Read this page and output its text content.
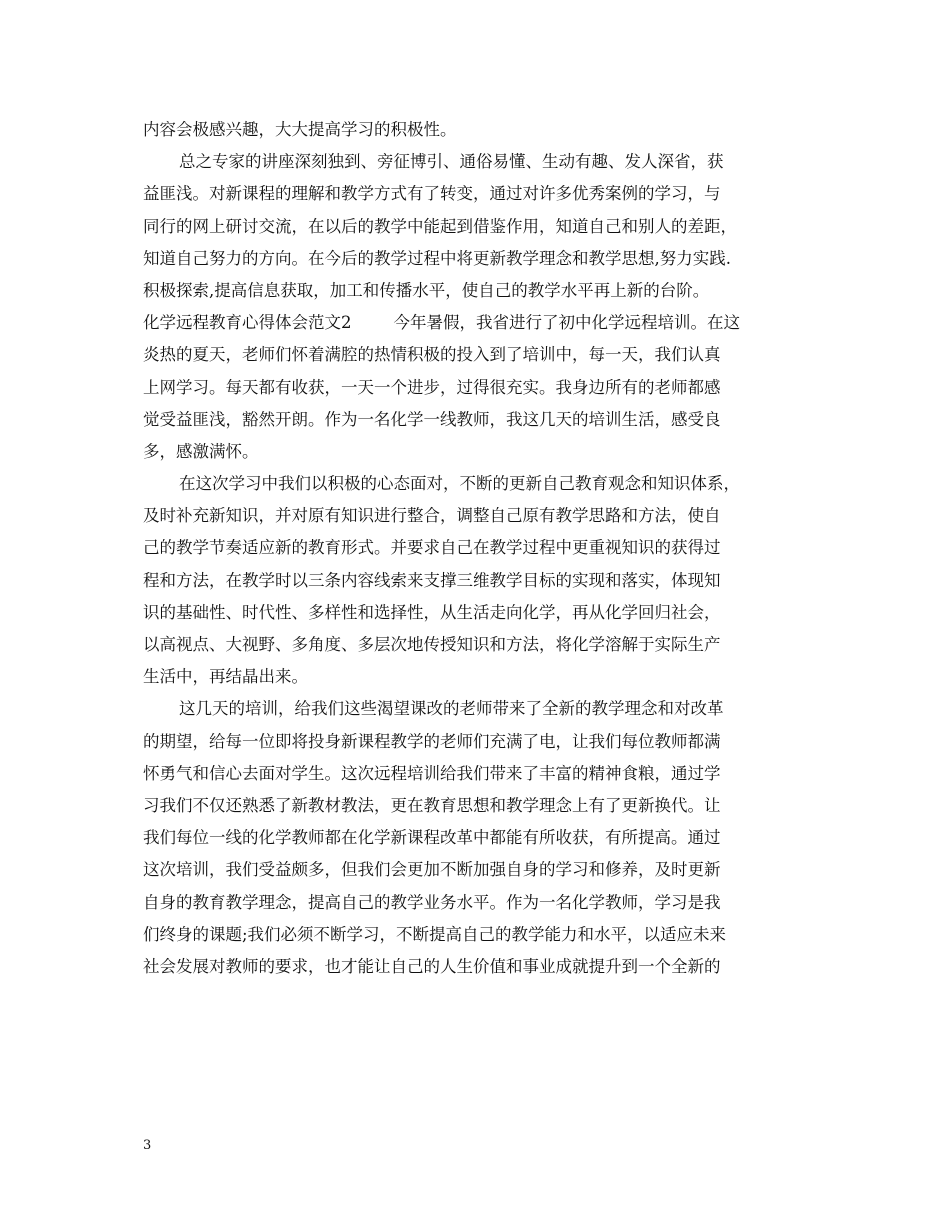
内容会极感兴趣，大大提高学习的积极性。
总之专家的讲座深刻独到、旁征博引、通俗易懂、生动有趣、发人深省，获
益匪浅。对新课程的理解和教学方式有了转变，通过对许多优秀案例的学习，与
同行的网上研讨交流，在以后的教学中能起到借鉴作用，知道自己和别人的差距，
知道自己努力的方向。在今后的教学过程中将更新教学理念和教学思想,努力实践.
积极探索,提高信息获取，加工和传播水平，使自己的教学水平再上新的台阶。
化学远程教育心得体会范文2	今年暑假，我省进行了初中化学远程培训。在这
炎热的夏天，老师们怀着满腔的热情积极的投入到了培训中，每一天，我们认真
上网学习。每天都有收获，一天一个进步，过得很充实。我身边所有的老师都感
觉受益匪浅，豁然开朗。作为一名化学一线教师，我这几天的培训生活，感受良
多，感激满怀。
在这次学习中我们以积极的心态面对，不断的更新自己教育观念和知识体系，
及时补充新知识，并对原有知识进行整合，调整自己原有教学思路和方法，使自
己的教学节奏适应新的教育形式。并要求自己在教学过程中更重视知识的获得过
程和方法，在教学时以三条内容线索来支撑三维教学目标的实现和落实，体现知
识的基础性、时代性、多样性和选择性，从生活走向化学，再从化学回归社会，
以高视点、大视野、多角度、多层次地传授知识和方法，将化学溶解于实际生产
生活中，再结晶出来。
这几天的培训，给我们这些渴望课改的老师带来了全新的教学理念和对改革
的期望，给每一位即将投身新课程教学的老师们充满了电，让我们每位教师都满
怀勇气和信心去面对学生。这次远程培训给我们带来了丰富的精神食粮，通过学
习我们不仅还熟悉了新教材教法，更在教育思想和教学理念上有了更新换代。让
我们每位一线的化学教师都在化学新课程改革中都能有所收获，有所提高。通过
这次培训，我们受益颇多，但我们会更加不断加强自身的学习和修养，及时更新
自身的教育教学理念，提高自己的教学业务水平。作为一名化学教师，学习是我
们终身的课题;我们必须不断学习，不断提高自己的教学能力和水平，以适应未来
社会发展对教师的要求，也才能让自己的人生价值和事业成就提升到一个全新的
3
